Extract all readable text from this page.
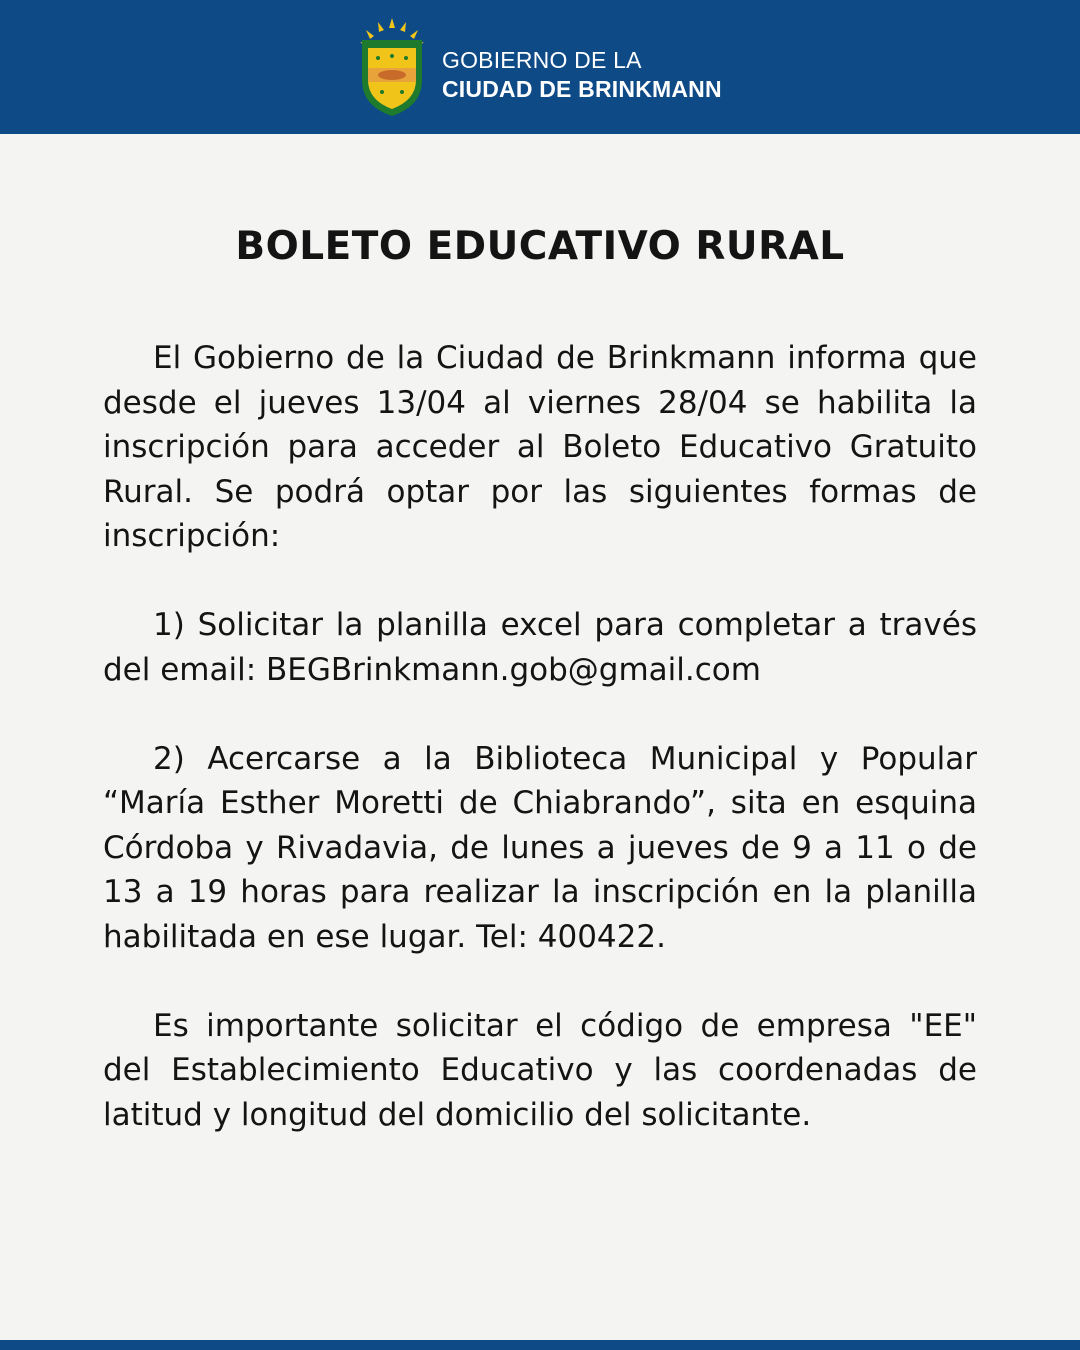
GOBIERNO DE LA
CIUDAD DE BRINKMANN
BOLETO EDUCATIVO RURAL

El Gobierno de la Ciudad de Brinkmann informa que desde el jueves 13/04 al viernes 28/04 se habilita la inscripción para acceder al Boleto Educativo Gratuito Rural. Se podrá optar por las siguientes formas de inscripción:

1) Solicitar la planilla excel para completar a través del email: BEGBrinkmann.gob@gmail.com

2) Acercarse a la Biblioteca Municipal y Popular “María Esther Moretti de Chiabrando”, sita en esquina Córdoba y Rivadavia, de lunes a jueves de 9 a 11 o de 13 a 19 horas para realizar la inscripción en la planilla habilitada en ese lugar. Tel: 400422.

Es importante solicitar el código de empresa "EE" del Establecimiento Educativo y las coordenadas de latitud y longitud del domicilio del solicitante.
